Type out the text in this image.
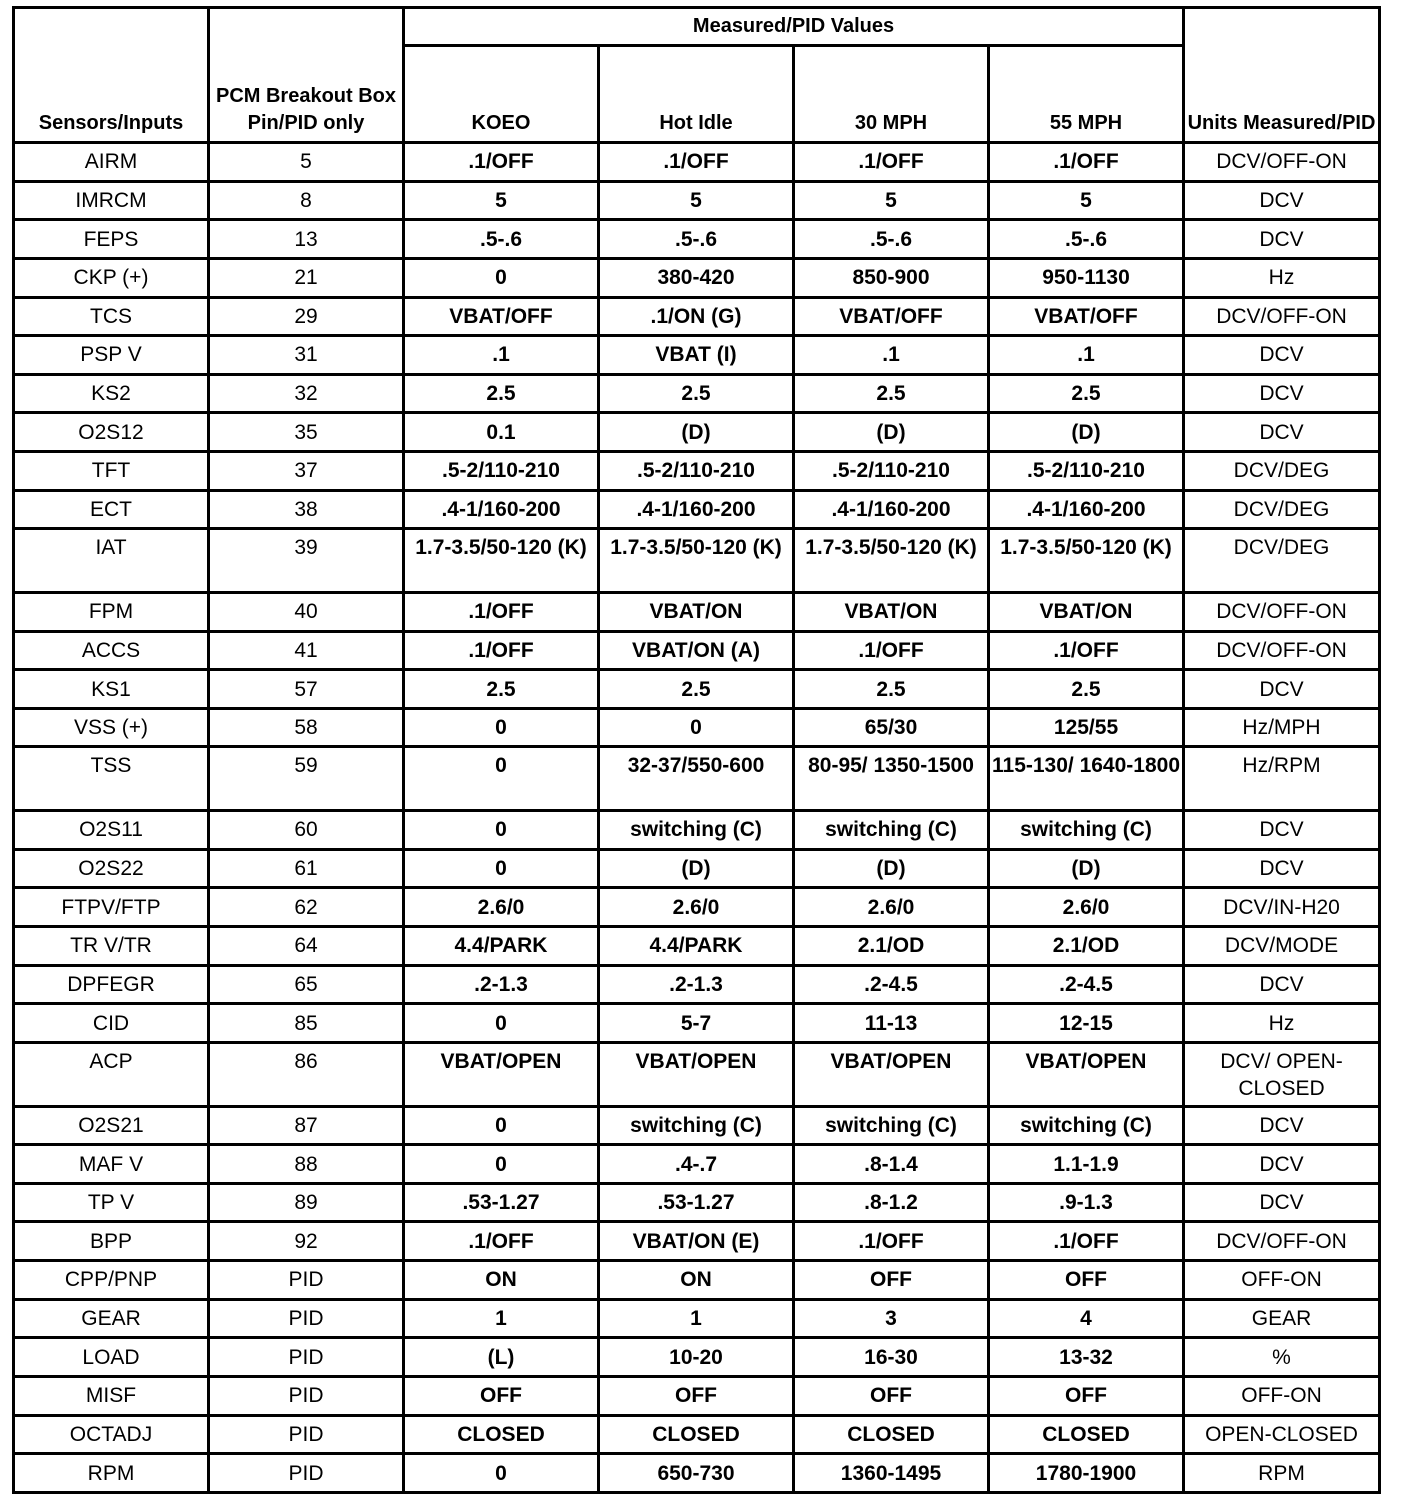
Sensors/Inputs	PCM Breakout Box Pin/PID only	Measured/PID Values				Units Measured/PID
		KOEO	Hot Idle	30 MPH	55 MPH	
AIRM	5	.1/OFF	.1/OFF	.1/OFF	.1/OFF	DCV/OFF-ON
IMRCM	8	5	5	5	5	DCV
FEPS	13	.5-.6	.5-.6	.5-.6	.5-.6	DCV
CKP (+)	21	0	380-420	850-900	950-1130	Hz
TCS	29	VBAT/OFF	.1/ON (G)	VBAT/OFF	VBAT/OFF	DCV/OFF-ON
PSP V	31	.1	VBAT (I)	.1	.1	DCV
KS2	32	2.5	2.5	2.5	2.5	DCV
O2S12	35	0.1	(D)	(D)	(D)	DCV
TFT	37	.5-2/110-210	.5-2/110-210	.5-2/110-210	.5-2/110-210	DCV/DEG
ECT	38	.4-1/160-200	.4-1/160-200	.4-1/160-200	.4-1/160-200	DCV/DEG
IAT	39	1.7-3.5/50-120 (K)	1.7-3.5/50-120 (K)	1.7-3.5/50-120 (K)	1.7-3.5/50-120 (K)	DCV/DEG
FPM	40	.1/OFF	VBAT/ON	VBAT/ON	VBAT/ON	DCV/OFF-ON
ACCS	41	.1/OFF	VBAT/ON (A)	.1/OFF	.1/OFF	DCV/OFF-ON
KS1	57	2.5	2.5	2.5	2.5	DCV
VSS (+)	58	0	0	65/30	125/55	Hz/MPH
TSS	59	0	32-37/550-600	80-95/ 1350-1500	115-130/ 1640-1800	Hz/RPM
O2S11	60	0	switching (C)	switching (C)	switching (C)	DCV
O2S22	61	0	(D)	(D)	(D)	DCV
FTPV/FTP	62	2.6/0	2.6/0	2.6/0	2.6/0	DCV/IN-H20
TR V/TR	64	4.4/PARK	4.4/PARK	2.1/OD	2.1/OD	DCV/MODE
DPFEGR	65	.2-1.3	.2-1.3	.2-4.5	.2-4.5	DCV
CID	85	0	5-7	11-13	12-15	Hz
ACP	86	VBAT/OPEN	VBAT/OPEN	VBAT/OPEN	VBAT/OPEN	DCV/ OPEN-CLOSED
O2S21	87	0	switching (C)	switching (C)	switching (C)	DCV
MAF V	88	0	.4-.7	.8-1.4	1.1-1.9	DCV
TP V	89	.53-1.27	.53-1.27	.8-1.2	.9-1.3	DCV
BPP	92	.1/OFF	VBAT/ON (E)	.1/OFF	.1/OFF	DCV/OFF-ON
CPP/PNP	PID	ON	ON	OFF	OFF	OFF-ON
GEAR	PID	1	1	3	4	GEAR
LOAD	PID	(L)	10-20	16-30	13-32	%
MISF	PID	OFF	OFF	OFF	OFF	OFF-ON
OCTADJ	PID	CLOSED	CLOSED	CLOSED	CLOSED	OPEN-CLOSED
RPM	PID	0	650-730	1360-1495	1780-1900	RPM
